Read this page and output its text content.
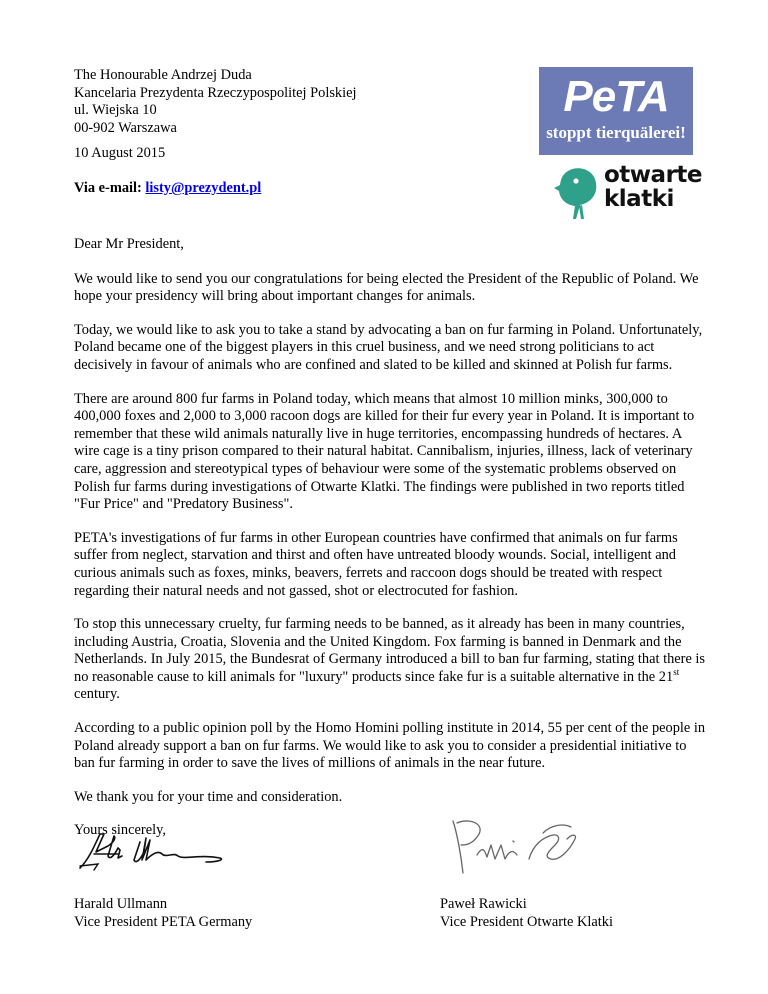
The Honourable Andrzej Duda
Kancelaria Prezydenta Rzeczypospolitej Polskiej
ul. Wiejska 10
00-902 Warszawa
10 August 2015
Via e-mail: listy@prezydent.pl
PeTA
stoppt tierquälerei!
otwarte
klatki

Dear Mr President,

We would like to send you our congratulations for being elected the President of the Republic of Poland. We hope your presidency will bring about important changes for animals.

Today, we would like to ask you to take a stand by advocating a ban on fur farming in Poland. Unfortunately, Poland became one of the biggest players in this cruel business, and we need strong politicians to act decisively in favour of animals who are confined and slated to be killed and skinned at Polish fur farms.

There are around 800 fur farms in Poland today, which means that almost 10 million minks, 300,000 to 400,000 foxes and 2,000 to 3,000 racoon dogs are killed for their fur every year in Poland. It is important to remember that these wild animals naturally live in huge territories, encompassing hundreds of hectares. A wire cage is a tiny prison compared to their natural habitat. Cannibalism, injuries, illness, lack of veterinary care, aggression and stereotypical types of behaviour were some of the systematic problems observed on Polish fur farms during investigations of Otwarte Klatki. The findings were published in two reports titled "Fur Price" and "Predatory Business".

PETA's investigations of fur farms in other European countries have confirmed that animals on fur farms suffer from neglect, starvation and thirst and often have untreated bloody wounds. Social, intelligent and curious animals such as foxes, minks, beavers, ferrets and raccoon dogs should be treated with respect regarding their natural needs and not gassed, shot or electrocuted for fashion.

To stop this unnecessary cruelty, fur farming needs to be banned, as it already has been in many countries, including Austria, Croatia, Slovenia and the United Kingdom. Fox farming is banned in Denmark and the Netherlands. In July 2015, the Bundesrat of Germany introduced a bill to ban fur farming, stating that there is no reasonable cause to kill animals for "luxury" products since fake fur is a suitable alternative in the 21st century.

According to a public opinion poll by the Homo Homini polling institute in 2014, 55 per cent of the people in Poland already support a ban on fur farms. We would like to ask you to consider a presidential initiative to ban fur farming in order to save the lives of millions of animals in the near future.

We thank you for your time and consideration.

Yours sincerely,

Harald Ullmann
Vice President PETA Germany
Paweł Rawicki
Vice President Otwarte Klatki
